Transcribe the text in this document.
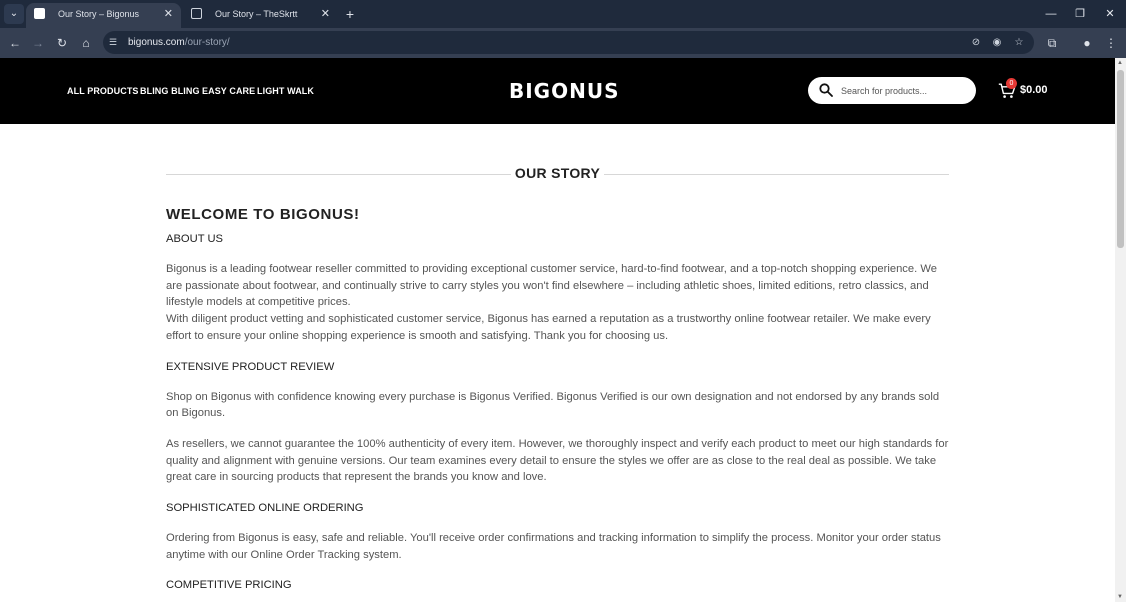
⌄	Our Story – Bigonus ✕	Our Story – TheSkrtt ✕ +	—	❐	✕
← →	↻	⌂	☰	bigonus.com/our-story/	⊘	◉	☆	⧉	●	⋮
ALL PRODUCTS BLING BLING EASY CARE LIGHT WALK	BIGONUS
Search for products...	0
$0.00
▲
▼
OUR STORY
WELCOME TO BIGONUS!
ABOUT US

Bigonus is a leading footwear reseller committed to providing exceptional customer service, hard-to-find footwear, and a top-notch shopping experience. We are passionate about footwear, and continually strive to carry styles you won't find elsewhere – including athletic shoes, limited editions, retro classics, and lifestyle models at competitive prices.

With diligent product vetting and sophisticated customer service, Bigonus has earned a reputation as a trustworthy online footwear retailer. We make every effort to ensure your online shopping experience is smooth and satisfying. Thank you for choosing us.

EXTENSIVE PRODUCT REVIEW

Shop on Bigonus with confidence knowing every purchase is Bigonus Verified. Bigonus Verified is our own designation and not endorsed by any brands sold on Bigonus.

As resellers, we cannot guarantee the 100% authenticity of every item. However, we thoroughly inspect and verify each product to meet our high standards for quality and alignment with genuine versions. Our team examines every detail to ensure the styles we offer are as close to the real deal as possible. We take great care in sourcing products that represent the brands you know and love.

SOPHISTICATED ONLINE ORDERING

Ordering from Bigonus is easy, safe and reliable. You'll receive order confirmations and tracking information to simplify the process. Monitor your order status anytime with our Online Order Tracking system.

COMPETITIVE PRICING
